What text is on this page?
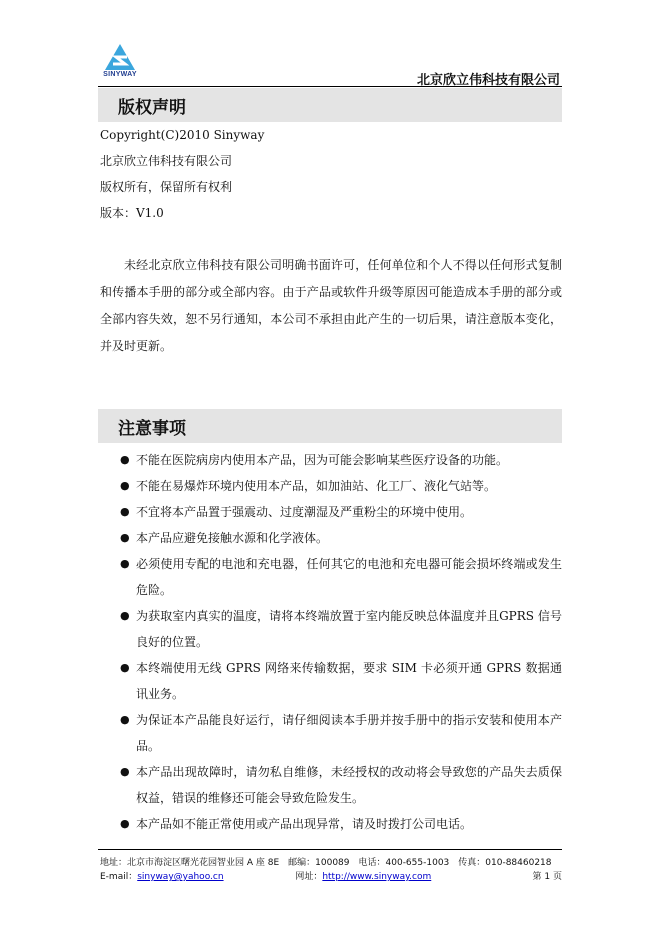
SINYWAY	北京欣立伟科技有限公司
版权声明
Copyright(C)2010 Sinyway
北京欣立伟科技有限公司
版权所有，保留所有权利
版本：V1.0
未经北京欣立伟科技有限公司明确书面许可，任何单位和个人不得以任何形式复制和传播本手册的部分或全部内容。由于产品或软件升级等原因可能造成本手册的部分或全部内容失效，恕不另行通知，本公司不承担由此产生的一切后果，请注意版本变化，并及时更新。
注意事项
● 不能在医院病房内使用本产品，因为可能会影响某些医疗设备的功能。
● 不能在易爆炸环境内使用本产品，如加油站、化工厂、液化气站等。
● 不宜将本产品置于强震动、过度潮湿及严重粉尘的环境中使用。
● 本产品应避免接触水源和化学液体。
● 必须使用专配的电池和充电器，任何其它的电池和充电器可能会损坏终端或发生危险。
● 为获取室内真实的温度，请将本终端放置于室内能反映总体温度并且GPRS 信号良好的位置。
● 本终端使用无线 GPRS 网络来传输数据，要求 SIM 卡必须开通 GPRS 数据通讯业务。
● 为保证本产品能良好运行，请仔细阅读本手册并按手册中的指示安装和使用本产品。
● 本产品出现故障时，请勿私自维修，未经授权的改动将会导致您的产品失去质保权益，错误的维修还可能会导致危险发生。
● 本产品如不能正常使用或产品出现异常，请及时拨打公司电话。
地址：北京市海淀区曙光花园智业园 A 座 8E　邮编：100089　电话：400-655-1003　传真：010-88460218
E-mail：sinyway@yahoo.cn	网址：http://www.sinyway.com	第 1 页
